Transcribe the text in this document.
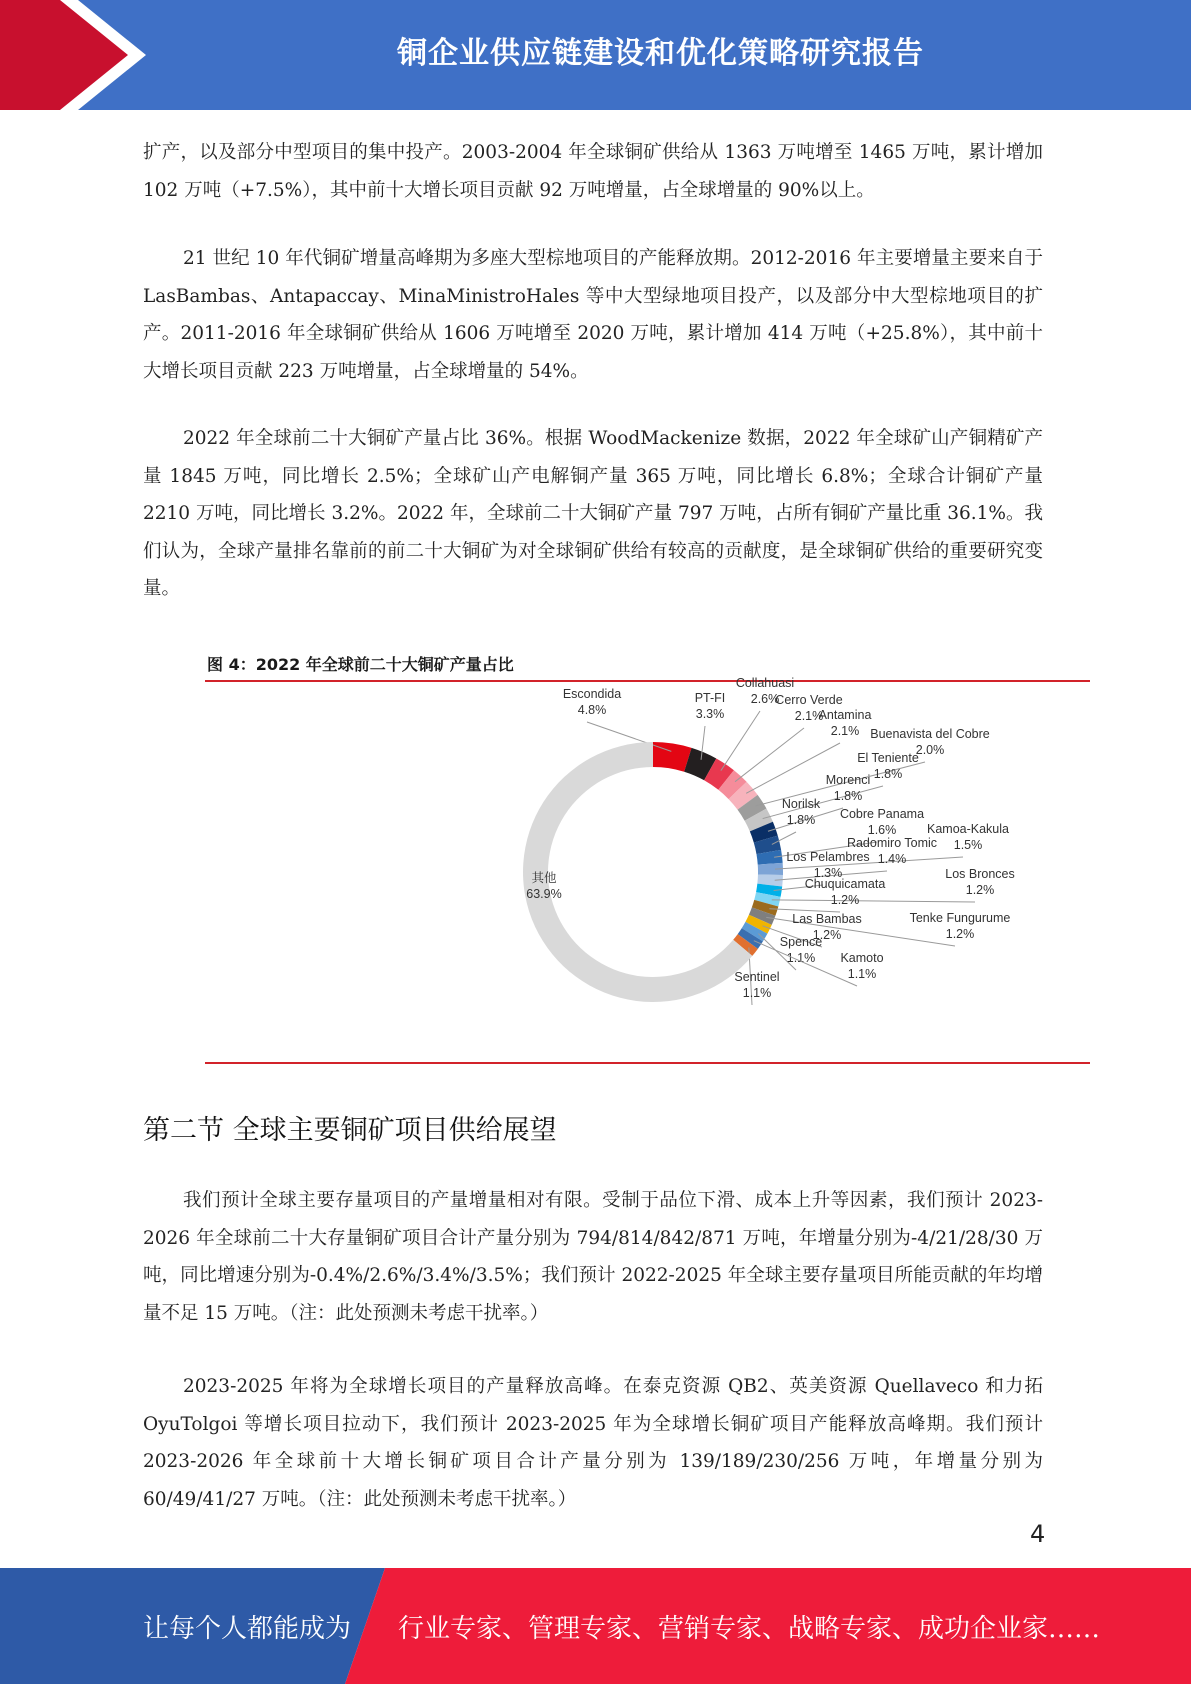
铜企业供应链建设和优化策略研究报告

扩产，以及部分中型项目的集中投产。2003-2004 年全球铜矿供给从 1363 万吨增至 1465 万吨，累计增加 102 万吨（+7.5%），其中前十大增长项目贡献 92 万吨增量，占全球增量的 90%以上。

21 世纪 10 年代铜矿增量高峰期为多座大型棕地项目的产能释放期。2012-2016 年主要增量主要来自于 LasBambas、Antapaccay、MinaMinistroHales 等中大型绿地项目投产，以及部分中大型棕地项目的扩产。2011-2016 年全球铜矿供给从 1606 万吨增至 2020 万吨，累计增加 414 万吨（+25.8%），其中前十大增长项目贡献 223 万吨增量，占全球增量的 54%。

2022 年全球前二十大铜矿产量占比 36%。根据 WoodMackenize 数据，2022 年全球矿山产铜精矿产量 1845 万吨，同比增长 2.5%；全球矿山产电解铜产量 365 万吨，同比增长 6.8%；全球合计铜矿产量 2210 万吨，同比增长 3.2%。2022 年，全球前二十大铜矿产量 797 万吨，占所有铜矿产量比重 36.1%。我们认为，全球产量排名靠前的前二十大铜矿为对全球铜矿供给有较高的贡献度，是全球铜矿供给的重要研究变量。

图 4：2022 年全球前二十大铜矿产量占比
Escondida
4.8%
PT-FI
3.3%
Collahuasi
2.6%
Cerro Verde
2.1%
Antamina
2.1% Buenavista del Cobre
2.0%
El Teniente
1.8%
Morenci
1.8%
Norilsk
1.8% Cobre Panama
1.6% Kamoa-Kakula
1.5%
Radomiro Tomic
1.4%
Los Pelambres
1.3%	Los Bronces
1.2%
Chuquicamata
1.2%
Tenke Fungurume
1.2%
Las Bambas
1.2%
Spence
1.1% Kamoto
1.1%
Sentinel
1.1%
其他
63.9%
第二节 全球主要铜矿项目供给展望

我们预计全球主要存量项目的产量增量相对有限。受制于品位下滑、成本上升等因素，我们预计 2023-2026 年全球前二十大存量铜矿项目合计产量分别为 794/814/842/871 万吨，年增量分别为-4/21/28/30 万吨，同比增速分别为-0.4%/2.6%/3.4%/3.5%；我们预计 2022-2025 年全球主要存量项目所能贡献的年均增量不足 15 万吨。（注：此处预测未考虑干扰率。）

2023-2025 年将为全球增长项目的产量释放高峰。在泰克资源 QB2、英美资源 Quellaveco 和力拓 OyuTolgoi 等增长项目拉动下，我们预计 2023-2025 年为全球增长铜矿项目产能释放高峰期。我们预计 2023-2026 年全球前十大增长铜矿项目合计产量分别为 139/189/230/256 万吨，年增量分别为 60/49/41/27 万吨。（注：此处预测未考虑干扰率。）

4
让每个人都能成为 行业专家、管理专家、营销专家、战略专家、成功企业家……
